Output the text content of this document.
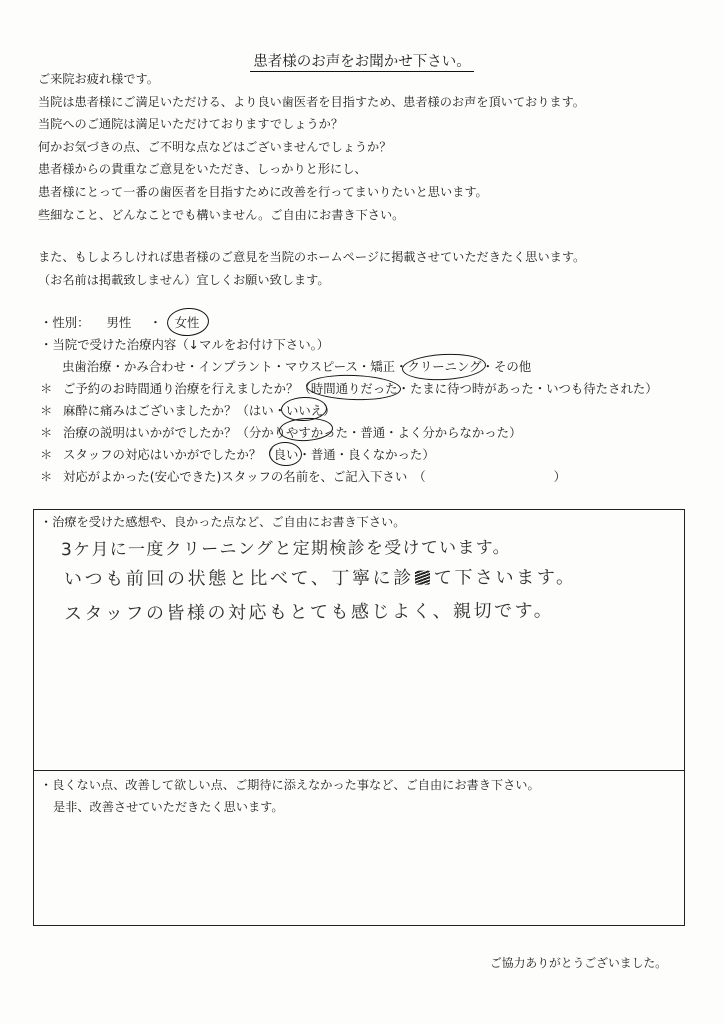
患者様のお声をお聞かせ下さい。
ご来院お疲れ様です。
当院は患者様にご満足いただける、より良い歯医者を目指すため、患者様のお声を頂いております。
当院へのご通院は満足いただけておりますでしょうか？
何かお気づきの点、ご不明な点などはございませんでしょうか？
患者様からの貴重なご意見をいただき、しっかりと形にし、
患者様にとって一番の歯医者を目指すために改善を行ってまいりたいと思います。
些細なこと、どんなことでも構いません。ご自由にお書き下さい。
また、もしよろしければ患者様のご意見を当院のホームページに掲載させていただきたく思います。
（お名前は掲載致しません）宜しくお願い致します。
・性別： 男性 ・ 女性
・当院で受けた治療内容（↓マルをお付け下さい。）
虫歯治療・かみ合わせ・インプラント・マウスピース・矯正・クリーニング・その他
＊ ご予約のお時間通り治療を行えましたか？（時間通りだった・たまに待つ時があった・いつも待たされた）
＊ 麻酔に痛みはございましたか？（はい・いいえ）
＊ 治療の説明はいかがでしたか？（分かりやすかった・普通・よく分からなかった）
＊ スタッフの対応はいかがでしたか？（良い・普通・良くなかった）
＊ 対応がよかった(安心できた)スタッフの名前を、ご記入下さい （	）
・治療を受けた感想や、良かった点など、ご自由にお書き下さい。
3ケ月に一度クリーニングと定期検診を受けています。
いつも前回の状態と比べて、丁寧に診 て下さいます。
スタッフの皆様の対応もとても感じよく、親切です。
・良くない点、改善して欲しい点、ご期待に添えなかった事など、ご自由にお書き下さい。
是非、改善させていただきたく思います。
ご協力ありがとうございました。
